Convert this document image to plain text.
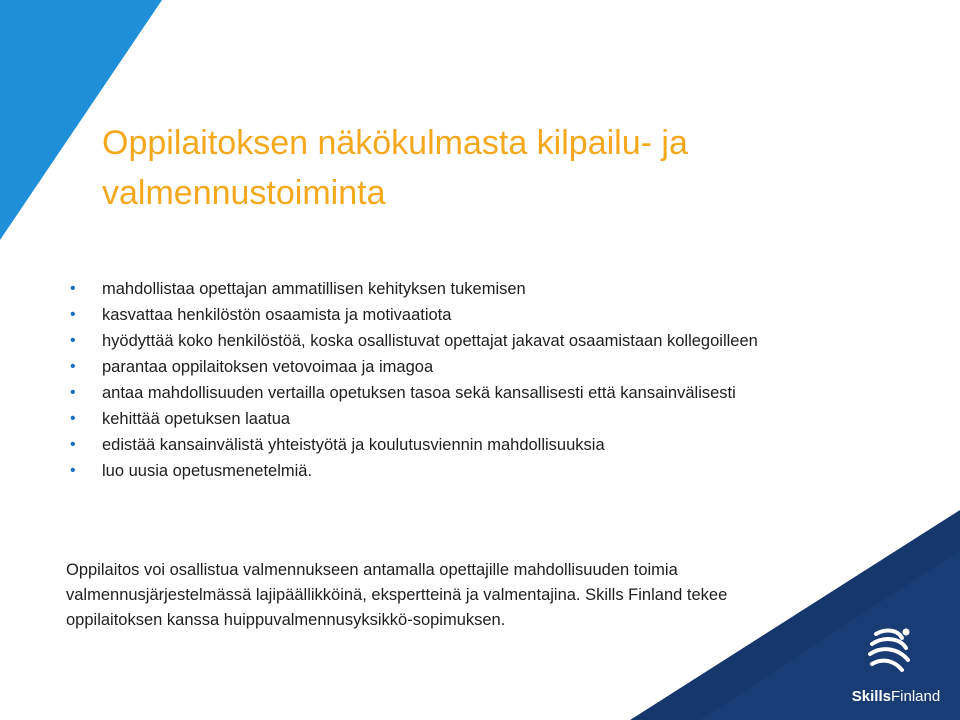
Oppilaitoksen näkökulmasta kilpailu- ja valmennustoiminta
• mahdollistaa opettajan ammatillisen kehityksen tukemisen
• kasvattaa henkilöstön osaamista ja motivaatiota
• hyödyttää koko henkilöstöä, koska osallistuvat opettajat jakavat osaamistaan kollegoilleen
• parantaa oppilaitoksen vetovoimaa ja imagoa
• antaa mahdollisuuden vertailla opetuksen tasoa sekä kansallisesti että kansainvälisesti
• kehittää opetuksen laatua
• edistää kansainvälistä yhteistyötä ja koulutusviennin mahdollisuuksia
• luo uusia opetusmenetelmiä.

Oppilaitos voi osallistua valmennukseen antamalla opettajille mahdollisuuden toimia valmennusjärjestelmässä lajipäällikköinä, ekspertteinä ja valmentajina. Skills Finland tekee oppilaitoksen kanssa huippuvalmennusyksikkö-sopimuksen.

SkillsFinland
